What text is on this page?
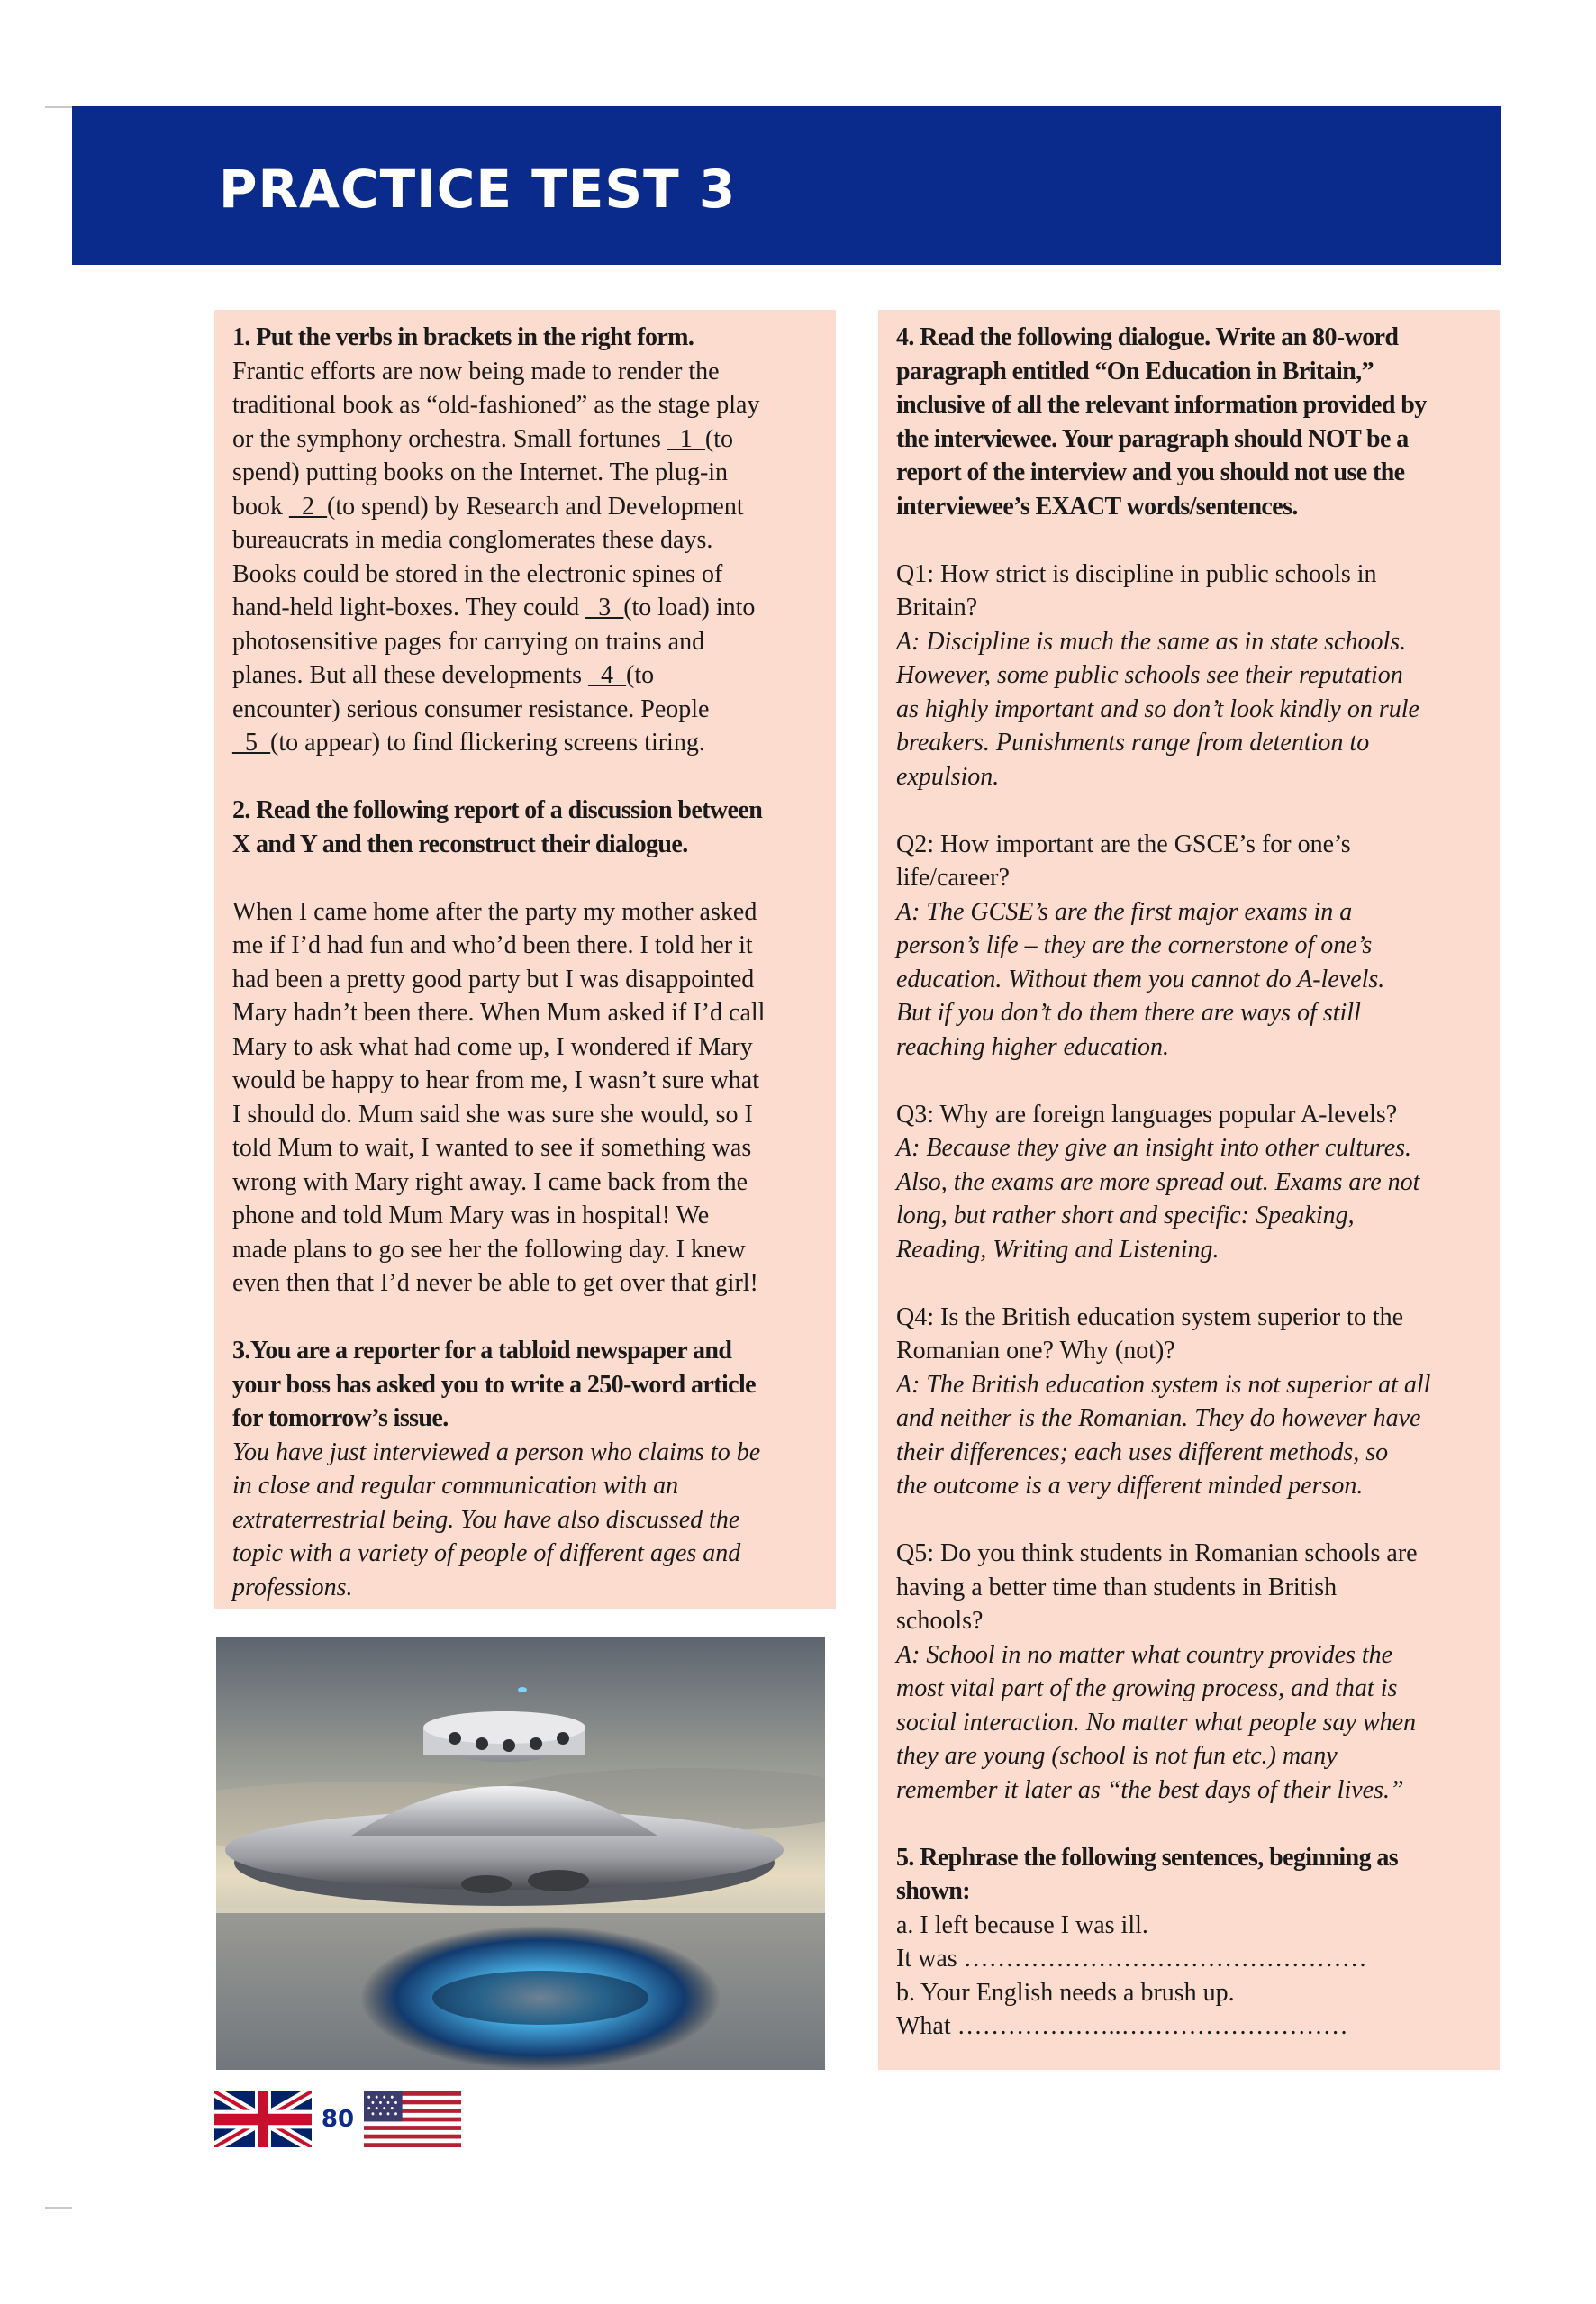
PRACTICE TEST 3

1. Put the verbs in brackets in the right form.

Frantic efforts are now being made to render the

traditional book as “old-fashioned” as the stage play

or the symphony orchestra. Small fortunes _1_(to

spend) putting books on the Internet. The plug-in

book _2_(to spend) by Research and Development

bureaucrats in media conglomerates these days.

Books could be stored in the electronic spines of

hand-held light-boxes. They could _3_(to load) into

photosensitive pages for carrying on trains and

planes. But all these developments _4_(to

encounter) serious consumer resistance. People

_5_(to appear) to find flickering screens tiring.

2. Read the following report of a discussion between

X and Y and then reconstruct their dialogue.

When I came home after the party my mother asked

me if I’d had fun and who’d been there. I told her it

had been a pretty good party but I was disappointed

Mary hadn’t been there. When Mum asked if I’d call

Mary to ask what had come up, I wondered if Mary

would be happy to hear from me, I wasn’t sure what

I should do. Mum said she was sure she would, so I

told Mum to wait, I wanted to see if something was

wrong with Mary right away. I came back from the

phone and told Mum Mary was in hospital! We

made plans to go see her the following day. I knew

even then that I’d never be able to get over that girl!

3.You are a reporter for a tabloid newspaper and

your boss has asked you to write a 250-word article

for tomorrow’s issue.

You have just interviewed a person who claims to be

in close and regular communication with an

extraterrestrial being. You have also discussed the

topic with a variety of people of different ages and

professions.

4. Read the following dialogue. Write an 80-word

paragraph entitled “On Education in Britain,”

inclusive of all the relevant information provided by

the interviewee. Your paragraph should NOT be a

report of the interview and you should not use the

interviewee’s EXACT words/sentences.

Q1: How strict is discipline in public schools in

Britain?

A: Discipline is much the same as in state schools.

However, some public schools see their reputation

as highly important and so don’t look kindly on rule

breakers. Punishments range from detention to

expulsion.

Q2: How important are the GSCE’s for one’s

life/career?

A: The GCSE’s are the first major exams in a

person’s life – they are the cornerstone of one’s

education. Without them you cannot do A-levels.

But if you don’t do them there are ways of still

reaching higher education.

Q3: Why are foreign languages popular A-levels?

A: Because they give an insight into other cultures.

Also, the exams are more spread out. Exams are not

long, but rather short and specific: Speaking,

Reading, Writing and Listening.

Q4: Is the British education system superior to the

Romanian one? Why (not)?

A: The British education system is not superior at all

and neither is the Romanian. They do however have

their differences; each uses different methods, so

the outcome is a very different minded person.

Q5: Do you think students in Romanian schools are

having a better time than students in British

schools?

A: School in no matter what country provides the

most vital part of the growing process, and that is

social interaction. No matter what people say when

they are young (school is not fun etc.) many

remember it later as “the best days of their lives.”

5. Rephrase the following sentences, beginning as

shown:

a. I left because I was ill.

It was …………………………………………

b. Your English needs a brush up.

What ………………..………………………

80
